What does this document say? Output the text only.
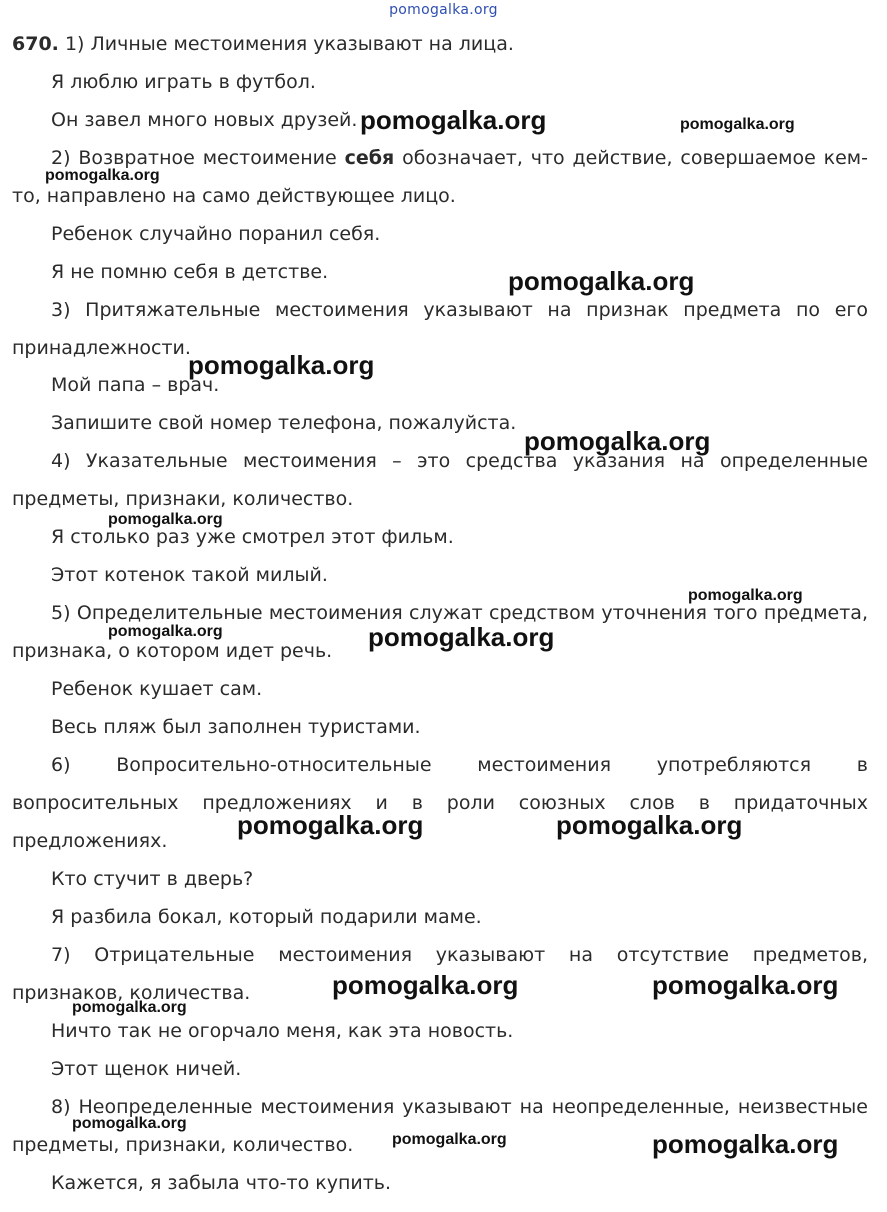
pomogalka.org
670. 1) Личные местоимения указывают на лица.
Я люблю играть в футбол.
Он завел много новых друзей.
2) Возвратное местоимение себя обозначает, что действие, совершаемое кем-
то, направлено на само действующее лицо.
Ребенок случайно поранил себя.
Я не помню себя в детстве.
3) Притяжательные местоимения указывают на признак предмета по его
принадлежности.
Мой папа – врач.
Запишите свой номер телефона, пожалуйста.
4) Указательные местоимения – это средства указания на определенные
предметы, признаки, количество.
Я столько раз уже смотрел этот фильм.
Этот котенок такой милый.
5) Определительные местоимения служат средством уточнения того предмета,
признака, о котором идет речь.
Ребенок кушает сам.
Весь пляж был заполнен туристами.
6) Вопросительно-относительные местоимения употребляются в
вопросительных предложениях и в роли союзных слов в придаточных
предложениях.
Кто стучит в дверь?
Я разбила бокал, который подарили маме.
7) Отрицательные местоимения указывают на отсутствие предметов,
признаков, количества.
Ничто так не огорчало меня, как эта новость.
Этот щенок ничей.
8) Неопределенные местоимения указывают на неопределенные, неизвестные
предметы, признаки, количество.
Кажется, я забыла что-то купить.
pomogalka.org
pomogalka.org
pomogalka.org
pomogalka.org
pomogalka.org
pomogalka.org	pomogalka.org
pomogalka.org	pomogalka.org
pomogalka.org
pomogalka.org
pomogalka.org
pomogalka.org
pomogalka.org
pomogalka.org
pomogalka.org
pomogalka.org
pomogalka.org
